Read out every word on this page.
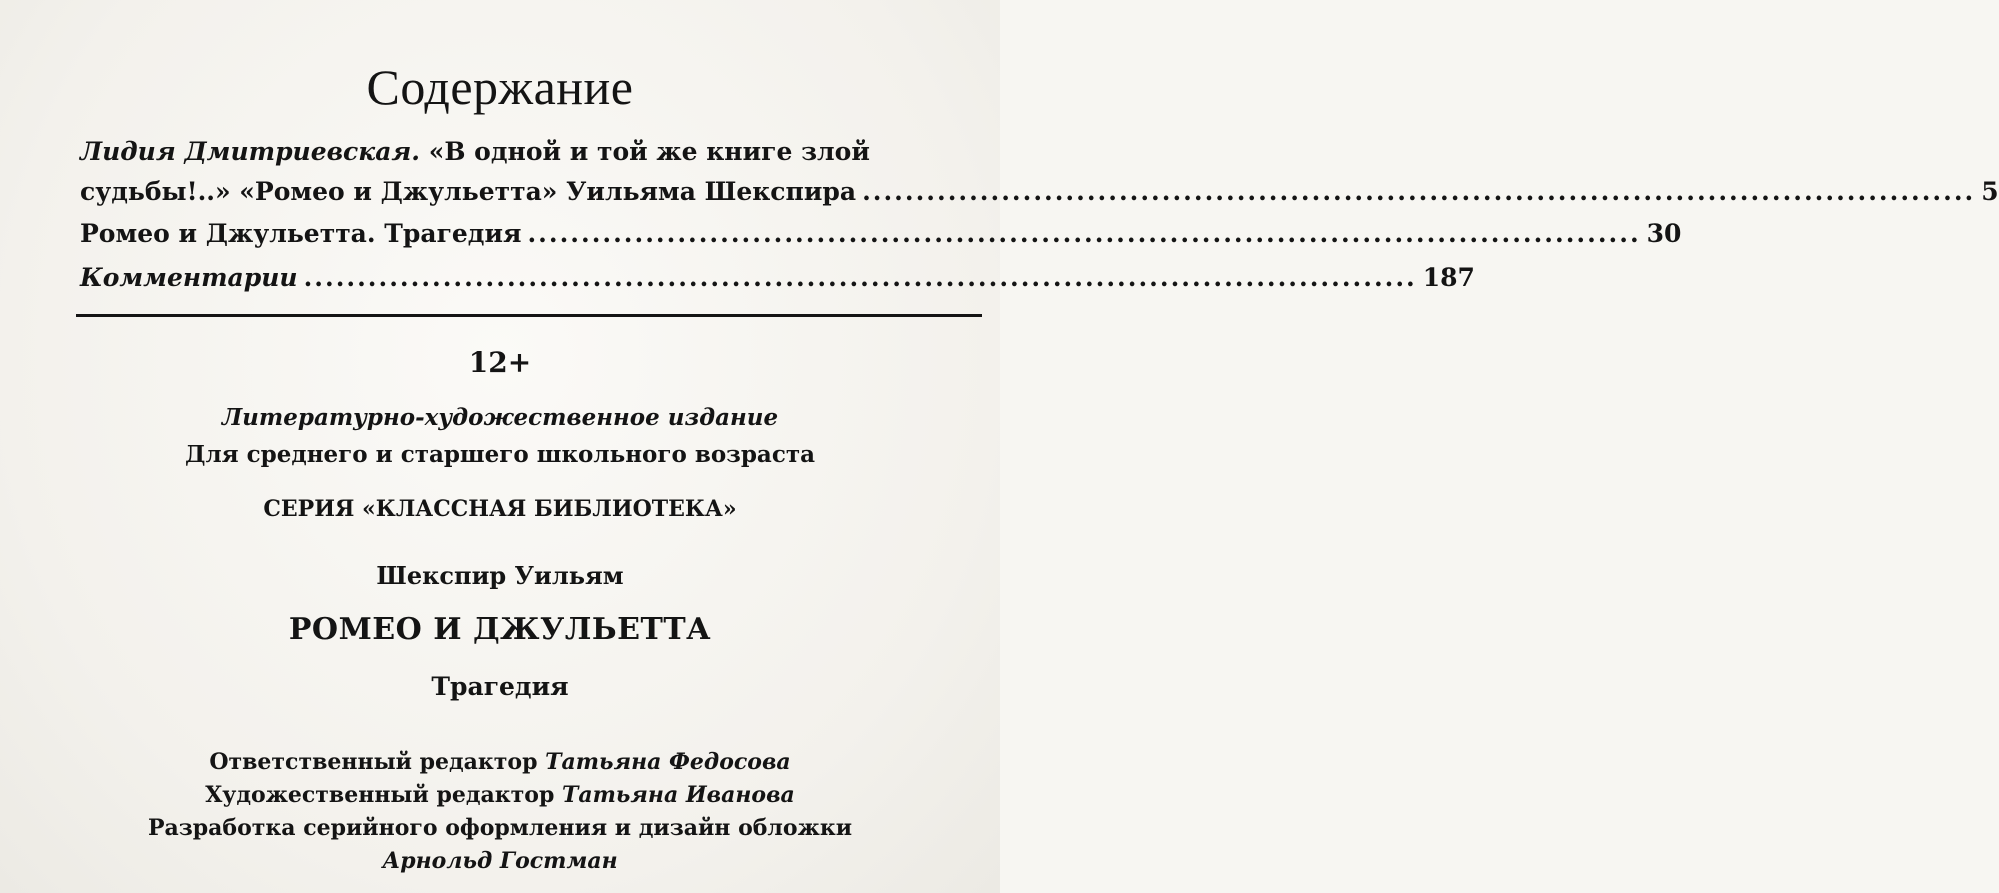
Содержание
Лидия Дмитриевская. «В одной и той же книге злой
судьбы!..» «Ромео и Джульетта» Уильяма Шекспира ........................................................................................................ 5
Ромео и Джульетта. Трагедия ........................................................................................................ 30
Комментарии ........................................................................................................ 187
12+
Литературно-художественное издание
Для среднего и старшего школьного возраста
СЕРИЯ «КЛАССНАЯ БИБЛИОТЕКА»
Шекспир Уильям
РОМЕО И ДЖУЛЬЕТТА
Трагедия
Ответственный редактор Татьяна Федосова
Художественный редактор Татьяна Иванова
Разработка серийного оформления и дизайн обложки
Арнольд Гостман
